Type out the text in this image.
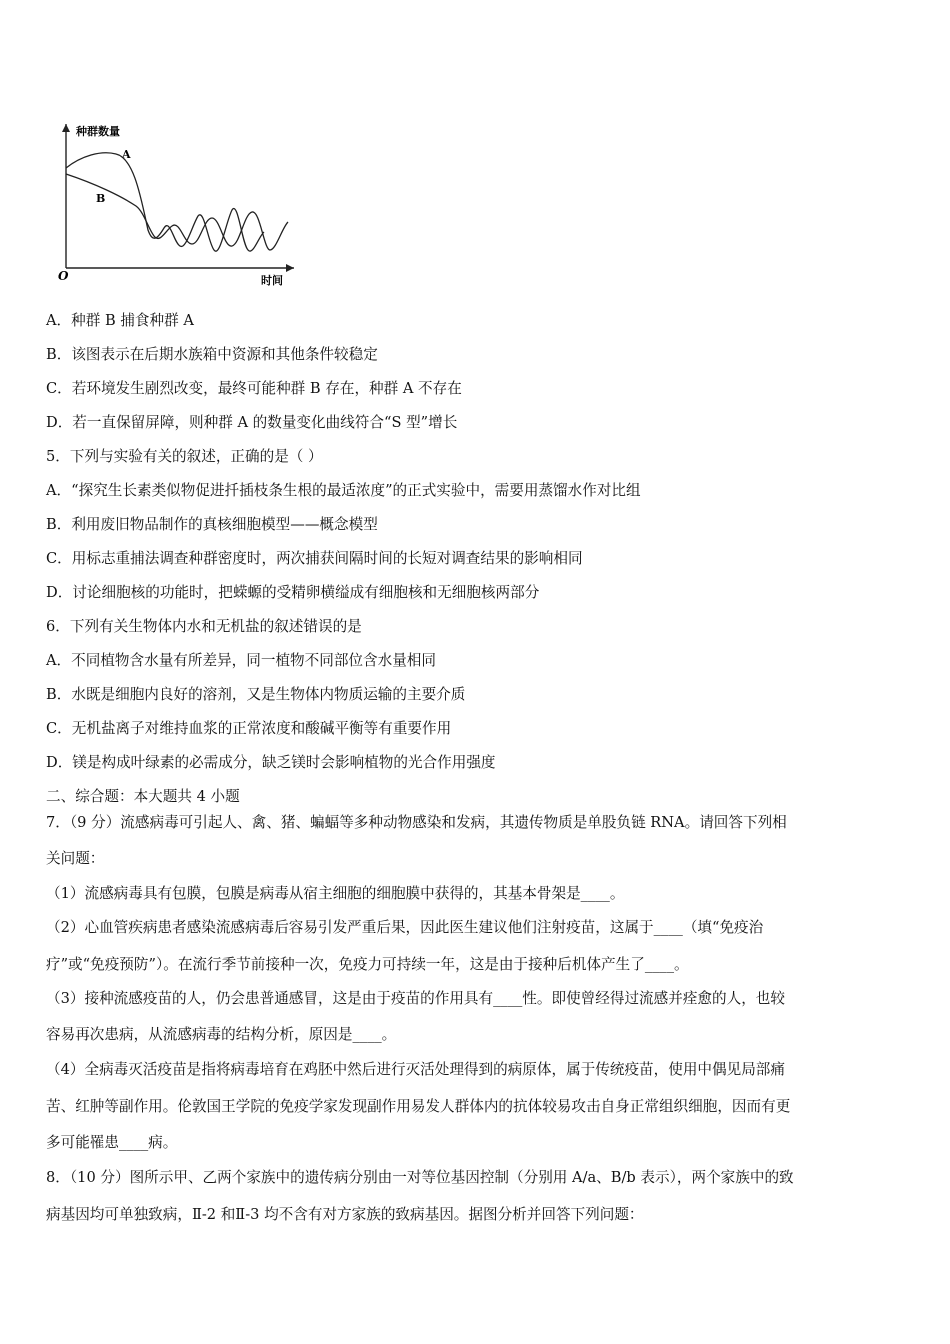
种群数量
时间
O
A
B
A．种群 B 捕食种群 A
B．该图表示在后期水族箱中资源和其他条件较稳定
C．若环境发生剧烈改变，最终可能种群 B 存在，种群 A 不存在
D．若一直保留屏障，则种群 A 的数量变化曲线符合“S 型”增长
5．下列与实验有关的叙述，正确的是（ ）
A．“探究生长素类似物促进扦插枝条生根的最适浓度”的正式实验中，需要用蒸馏水作对比组
B．利用废旧物品制作的真核细胞模型——概念模型
C．用标志重捕法调查种群密度时，两次捕获间隔时间的长短对调查结果的影响相同
D．讨论细胞核的功能时，把蝾螈的受精卵横缢成有细胞核和无细胞核两部分
6．下列有关生物体内水和无机盐的叙述错误的是
A．不同植物含水量有所差异，同一植物不同部位含水量相同
B．水既是细胞内良好的溶剂，又是生物体内物质运输的主要介质
C．无机盐离子对维持血浆的正常浓度和酸碱平衡等有重要作用
D．镁是构成叶绿素的必需成分，缺乏镁时会影响植物的光合作用强度
二、综合题：本大题共 4 小题
7．（9 分）流感病毒可引起人、禽、猪、蝙蝠等多种动物感染和发病，其遗传物质是单股负链 RNA。请回答下列相
关问题：
（1）流感病毒具有包膜，包膜是病毒从宿主细胞的细胞膜中获得的，其基本骨架是____。
（2）心血管疾病患者感染流感病毒后容易引发严重后果，因此医生建议他们注射疫苗，这属于____（填“免疫治
疗”或“免疫预防”）。在流行季节前接种一次，免疫力可持续一年，这是由于接种后机体产生了____。
（3）接种流感疫苗的人，仍会患普通感冒，这是由于疫苗的作用具有____性。即使曾经得过流感并痊愈的人，也较
容易再次患病，从流感病毒的结构分析，原因是____。
（4）全病毒灭活疫苗是指将病毒培育在鸡胚中然后进行灭活处理得到的病原体，属于传统疫苗，使用中偶见局部痛
苦、红肿等副作用。伦敦国王学院的免疫学家发现副作用易发人群体内的抗体较易攻击自身正常组织细胞，因而有更
多可能罹患____病。
8．（10 分）图所示甲、乙两个家族中的遗传病分别由一对等位基因控制（分别用 A/a、B/b 表示），两个家族中的致
病基因均可单独致病，Ⅱ-2 和Ⅱ-3 均不含有对方家族的致病基因。据图分析并回答下列问题：
